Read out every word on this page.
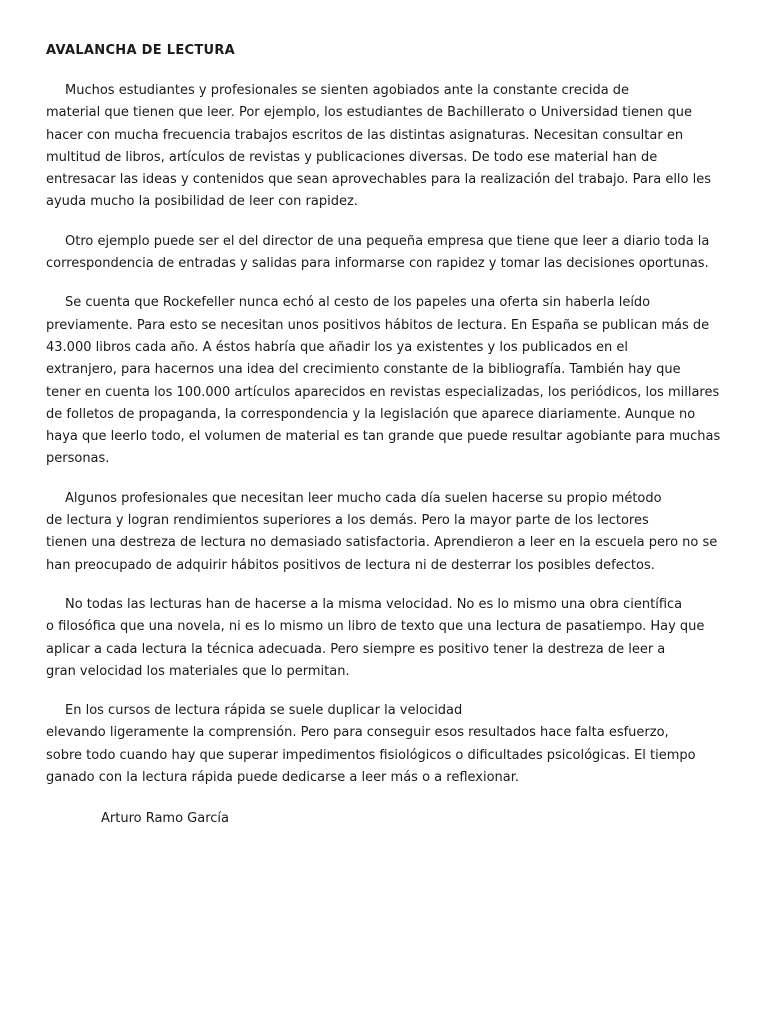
AVALANCHA DE LECTURA
Muchos estudiantes y profesionales se sienten agobiados ante la constante crecida de
material que tienen que leer. Por ejemplo, los estudiantes de Bachillerato o Universidad tienen que
hacer con mucha frecuencia trabajos escritos de las distintas asignaturas. Necesitan consultar en
multitud de libros, artículos de revistas y publicaciones diversas. De todo ese material han de
entresacar las ideas y contenidos que sean aprovechables para la realización del trabajo. Para ello les
ayuda mucho la posibilidad de leer con rapidez.
Otro ejemplo puede ser el del director de una pequeña empresa que tiene que leer a diario toda la
correspondencia de entradas y salidas para informarse con rapidez y tomar las decisiones oportunas.
Se cuenta que Rockefeller nunca echó al cesto de los papeles una oferta sin haberla leído
previamente. Para esto se necesitan unos positivos hábitos de lectura. En España se publican más de
43.000 libros cada año. A éstos habría que añadir los ya existentes y los publicados en el
extranjero, para hacernos una idea del crecimiento constante de la bibliografía. También hay que
tener en cuenta los 100.000 artículos aparecidos en revistas especializadas, los periódicos, los millares
de folletos de propaganda, la correspondencia y la legislación que aparece diariamente. Aunque no
haya que leerlo todo, el volumen de material es tan grande que puede resultar agobiante para muchas
personas.
Algunos profesionales que necesitan leer mucho cada día suelen hacerse su propio método
de lectura y logran rendimientos superiores a los demás. Pero la mayor parte de los lectores
tienen una destreza de lectura no demasiado satisfactoria. Aprendieron a leer en la escuela pero no se
han preocupado de adquirir hábitos positivos de lectura ni de desterrar los posibles defectos.
No todas las lecturas han de hacerse a la misma velocidad. No es lo mismo una obra científica
o filosófica que una novela, ni es lo mismo un libro de texto que una lectura de pasatiempo. Hay que
aplicar a cada lectura la técnica adecuada. Pero siempre es positivo tener la destreza de leer a
gran velocidad los materiales que lo permitan.
En los cursos de lectura rápida se suele duplicar la velocidad
elevando ligeramente la comprensión. Pero para conseguir esos resultados hace falta esfuerzo,
sobre todo cuando hay que superar impedimentos fisiológicos o dificultades psicológicas. El tiempo
ganado con la lectura rápida puede dedicarse a leer más o a reflexionar.
Arturo Ramo García
